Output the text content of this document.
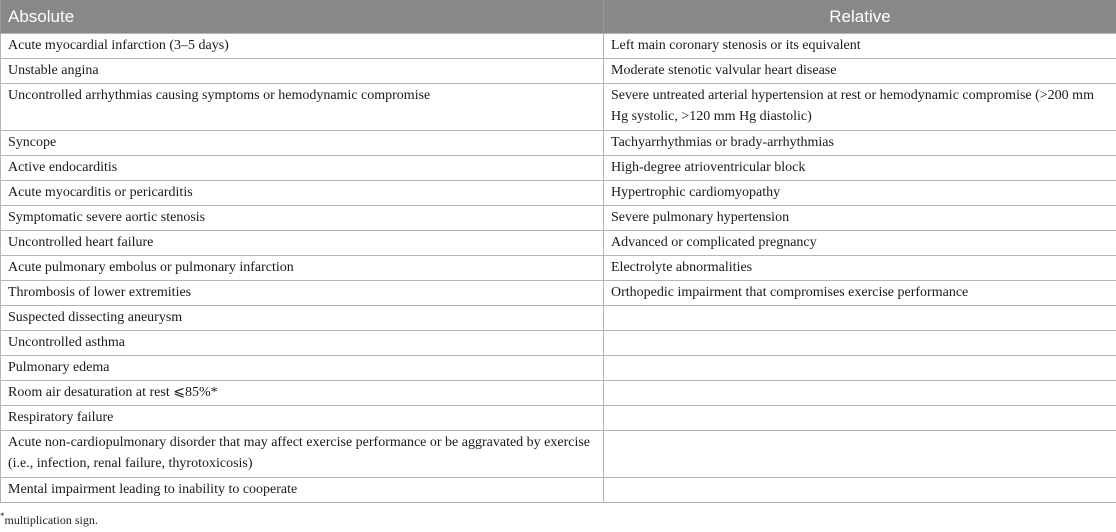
Absolute	Relative
Acute myocardial infarction (3–5 days)	Left main coronary stenosis or its equivalent
Unstable angina	Moderate stenotic valvular heart disease
Uncontrolled arrhythmias causing symptoms or hemodynamic compromise	Severe untreated arterial hypertension at rest or hemodynamic compromise (>200 mm Hg systolic, >120 mm Hg diastolic)
Syncope	Tachyarrhythmias or brady-arrhythmias
Active endocarditis	High-degree atrioventricular block
Acute myocarditis or pericarditis	Hypertrophic cardiomyopathy
Symptomatic severe aortic stenosis	Severe pulmonary hypertension
Uncontrolled heart failure	Advanced or complicated pregnancy
Acute pulmonary embolus or pulmonary infarction	Electrolyte abnormalities
Thrombosis of lower extremities	Orthopedic impairment that compromises exercise performance
Suspected dissecting aneurysm	
Uncontrolled asthma	
Pulmonary edema	
Room air desaturation at rest ⩽85%*	
Respiratory failure	
Acute non-cardiopulmonary disorder that may affect exercise performance or be aggravated by exercise (i.e., infection, renal failure, thyrotoxicosis)	
Mental impairment leading to inability to cooperate	
*multiplication sign.
